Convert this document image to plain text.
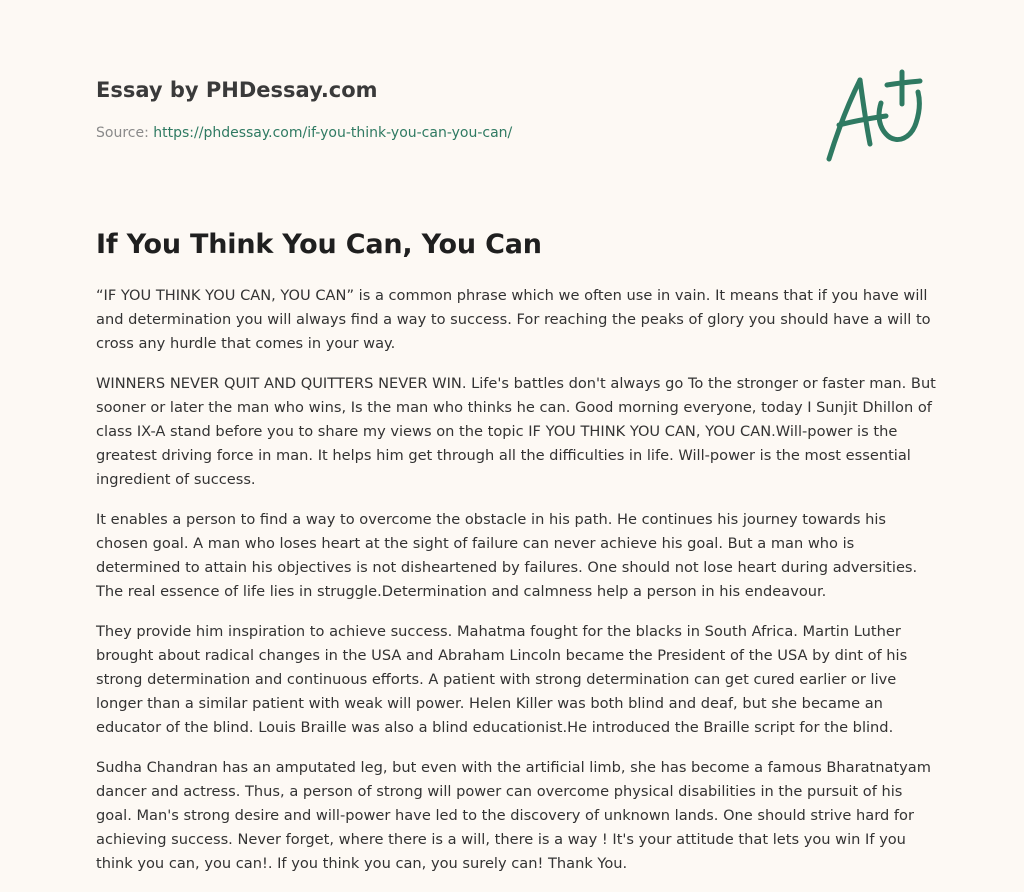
Essay by PHDessay.com
Source: https://phdessay.com/if-you-think-you-can-you-can/
If You Think You Can, You Can

“IF YOU THINK YOU CAN, YOU CAN” is a common phrase which we often use in vain. It means that if you have will and determination you will always find a way to success. For reaching the peaks of glory you should have a will to cross any hurdle that comes in your way.

WINNERS NEVER QUIT AND QUITTERS NEVER WIN. Life's battles don't always go To the stronger or faster man. But sooner or later the man who wins, Is the man who thinks he can. Good morning everyone, today I Sunjit Dhillon of class IX-A stand before you to share my views on the topic IF YOU THINK YOU CAN, YOU CAN.Will-power is the greatest driving force in man. It helps him get through all the difficulties in life. Will-power is the most essential ingredient of success.

It enables a person to find a way to overcome the obstacle in his path. He continues his journey towards his chosen goal. A man who loses heart at the sight of failure can never achieve his goal. But a man who is determined to attain his objectives is not disheartened by failures. One should not lose heart during adversities. The real essence of life lies in struggle.Determination and calmness help a person in his endeavour.

They provide him inspiration to achieve success. Mahatma fought for the blacks in South Africa. Martin Luther brought about radical changes in the USA and Abraham Lincoln became the President of the USA by dint of his strong determination and continuous efforts. A patient with strong determination can get cured earlier or live longer than a similar patient with weak will power. Helen Killer was both blind and deaf, but she became an educator of the blind. Louis Braille was also a blind educationist.He introduced the Braille script for the blind.

Sudha Chandran has an amputated leg, but even with the artificial limb, she has become a famous Bharatnatyam dancer and actress. Thus, a person of strong will power can overcome physical disabilities in the pursuit of his goal. Man's strong desire and will-power have led to the discovery of unknown lands. One should strive hard for achieving success. Never forget, where there is a will, there is a way ! It's your attitude that lets you win If you think you can, you can!. If you think you can, you surely can! Thank You.
